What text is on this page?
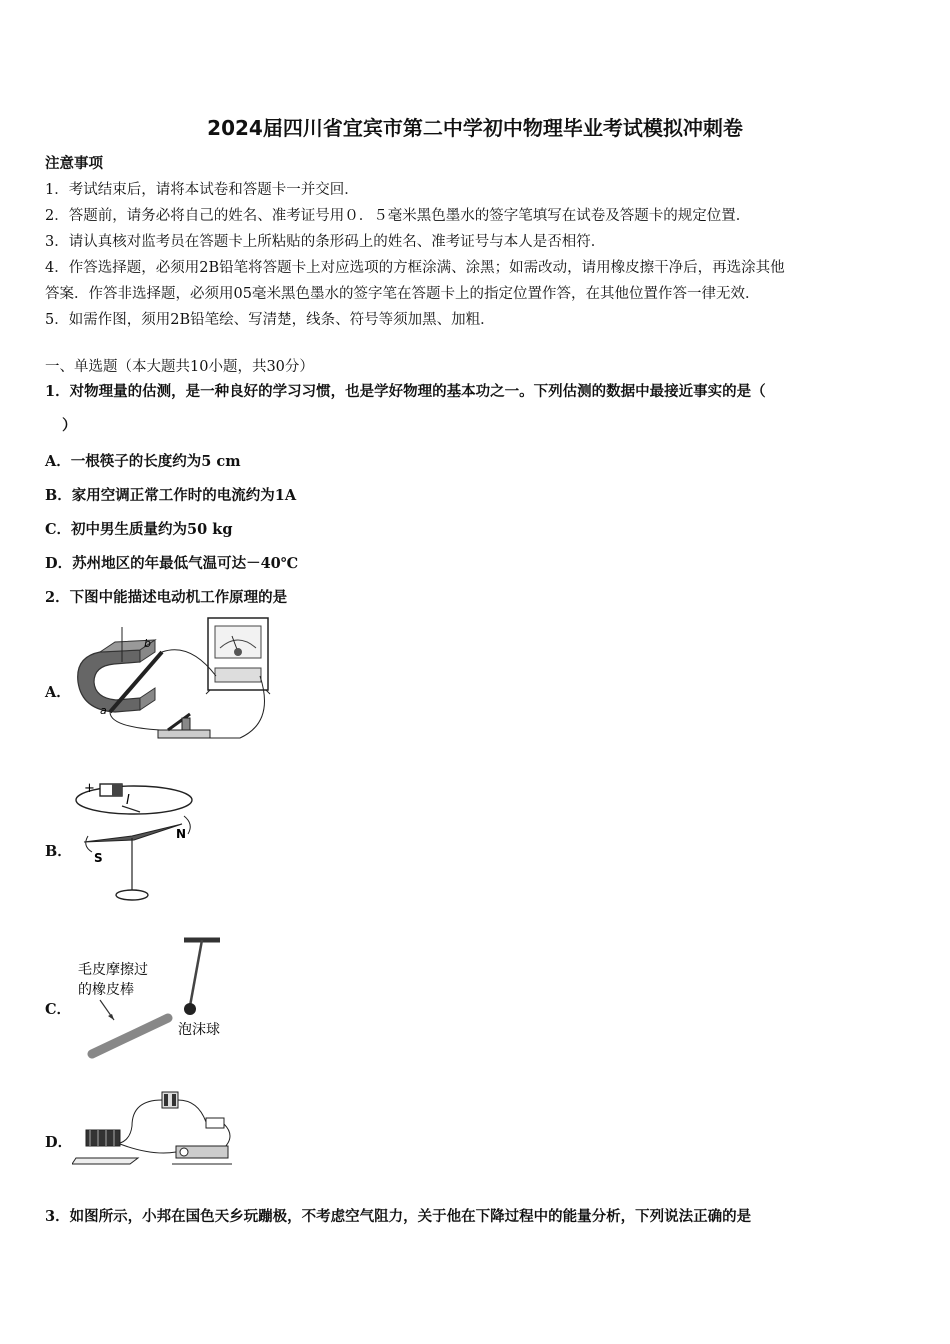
2024届四川省宜宾市第二中学初中物理毕业考试模拟冲刺卷
注意事项
1．考试结束后，请将本试卷和答题卡一并交回．
2．答题前，请务必将自己的姓名、准考证号用０．５毫米黑色墨水的签字笔填写在试卷及答题卡的规定位置．
3．请认真核对监考员在答题卡上所粘贴的条形码上的姓名、准考证号与本人是否相符．
4．作答选择题，必须用2B铅笔将答题卡上对应选项的方框涂满、涂黑；如需改动，请用橡皮擦干净后，再选涂其他
答案．作答非选择题，必须用05毫米黑色墨水的签字笔在答题卡上的指定位置作答，在其他位置作答一律无效．
5．如需作图，须用2B铅笔绘、写清楚，线条、符号等须加黑、加粗．
一、单选题（本大题共10小题，共30分）
1．对物理量的估测，是一种良好的学习习惯，也是学好物理的基本功之一。下列估测的数据中最接近事实的是（
）
A．一根筷子的长度约为5 cm
B．家用空调正常工作时的电流约为1A
C．初中男生质量约为50 kg
D．苏州地区的年最低气温可达－40℃
2．下图中能描述电动机工作原理的是
A．
b
a
B．
+
I
N
S
C．
毛皮摩擦过
的橡皮棒
泡沫球
D．
3．如图所示，小邦在国色天乡玩蹦极，不考虑空气阻力，关于他在下降过程中的能量分析，下列说法正确的是
